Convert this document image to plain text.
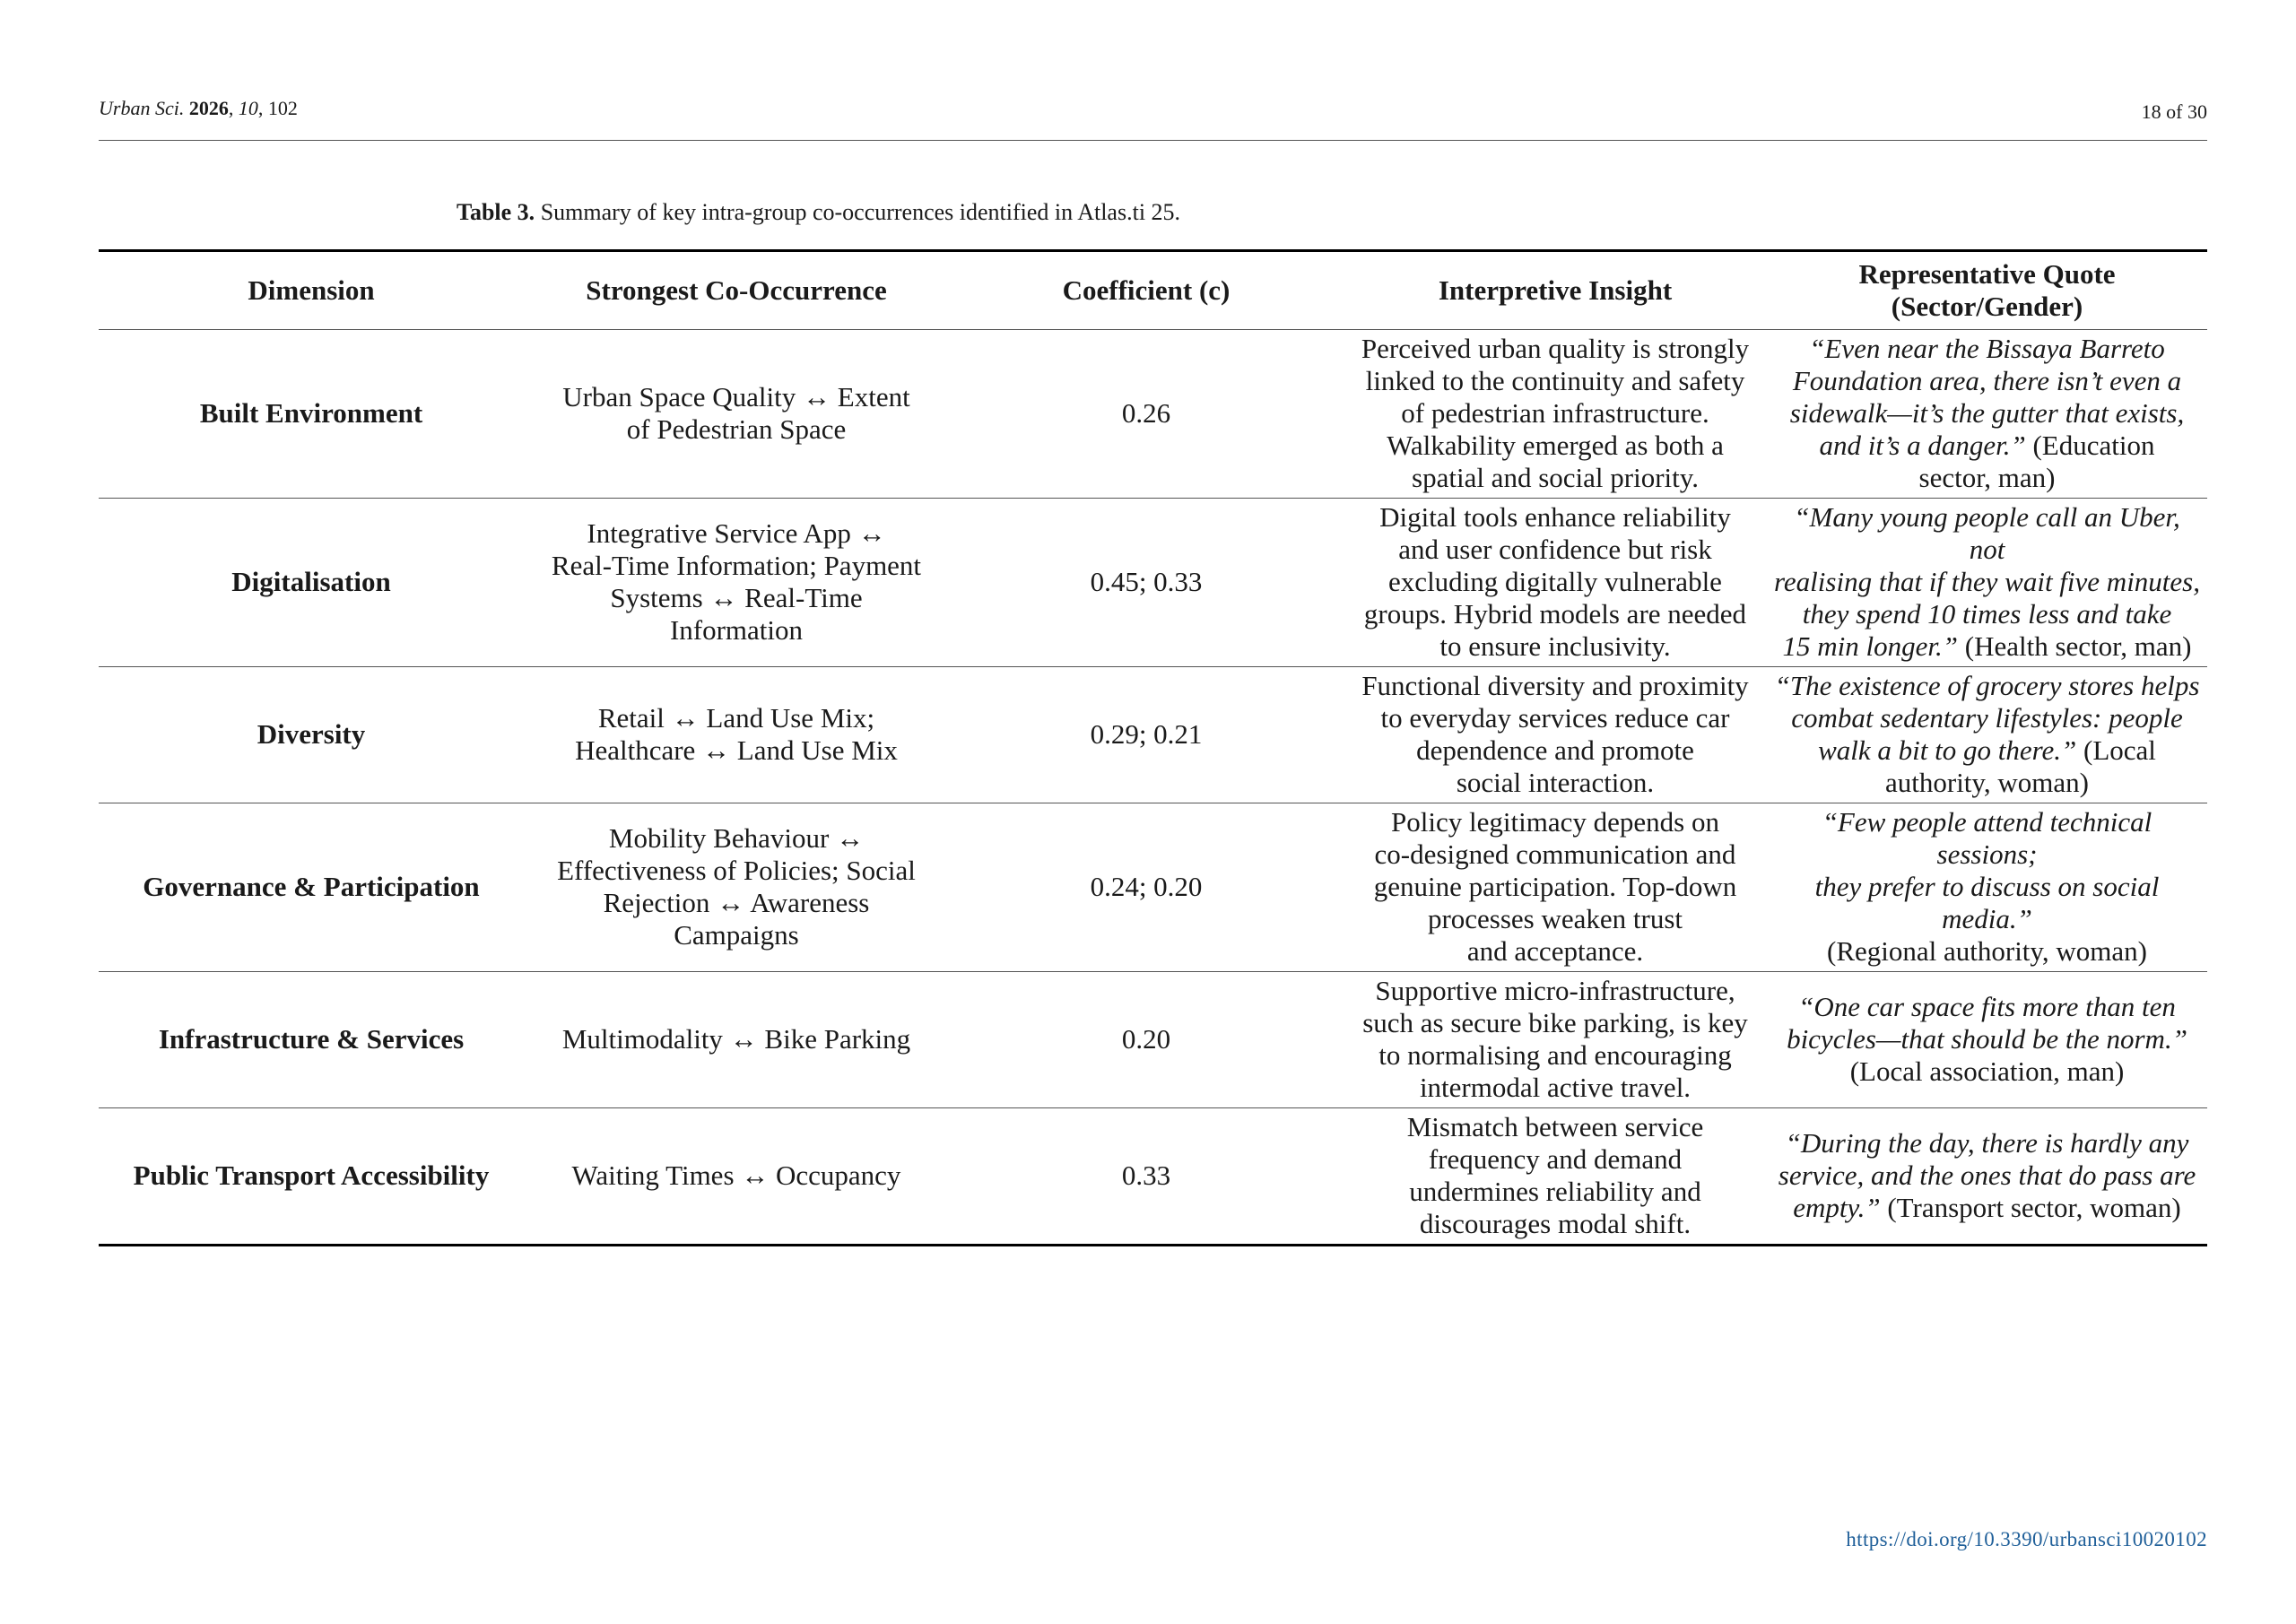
Urban Sci. 2026, 10, 102	18 of 30
Table 3. Summary of key intra-group co-occurrences identified in Atlas.ti 25.
Dimension	Strongest Co-Occurrence	Coefficient (c)	Interpretive Insight	Representative Quote
(Sector/Gender)
Built Environment	Urban Space Quality ↔ Extent
of Pedestrian Space	0.26	Perceived urban quality is strongly
linked to the continuity and safety
of pedestrian infrastructure.
Walkability emerged as both a
spatial and social priority.	“Even near the Bissaya Barreto
Foundation area, there isn’t even a
sidewalk—it’s the gutter that exists,
and it’s a danger.” (Education
sector, man)
Digitalisation	Integrative Service App ↔
Real-Time Information; Payment
Systems ↔ Real-Time
Information	0.45; 0.33	Digital tools enhance reliability
and user confidence but risk
excluding digitally vulnerable
groups. Hybrid models are needed
to ensure inclusivity.	“Many young people call an Uber, not
realising that if they wait five minutes,
they spend 10 times less and take
15 min longer.” (Health sector, man)
Diversity	Retail ↔ Land Use Mix;
Healthcare ↔ Land Use Mix	0.29; 0.21	Functional diversity and proximity
to everyday services reduce car
dependence and promote
social interaction.	“The existence of grocery stores helps
combat sedentary lifestyles: people
walk a bit to go there.” (Local
authority, woman)
Governance & Participation	Mobility Behaviour ↔
Effectiveness of Policies; Social
Rejection ↔ Awareness
Campaigns	0.24; 0.20	Policy legitimacy depends on
co-designed communication and
genuine participation. Top-down
processes weaken trust
and acceptance.	“Few people attend technical sessions;
they prefer to discuss on social media.”
(Regional authority, woman)
Infrastructure & Services	Multimodality ↔ Bike Parking	0.20	Supportive micro-infrastructure,
such as secure bike parking, is key
to normalising and encouraging
intermodal active travel.	“One car space fits more than ten
bicycles—that should be the norm.”
(Local association, man)
Public Transport Accessibility	Waiting Times ↔ Occupancy	0.33	Mismatch between service
frequency and demand
undermines reliability and
discourages modal shift.	“During the day, there is hardly any
service, and the ones that do pass are
empty.” (Transport sector, woman)
https://doi.org/10.3390/urbansci10020102
